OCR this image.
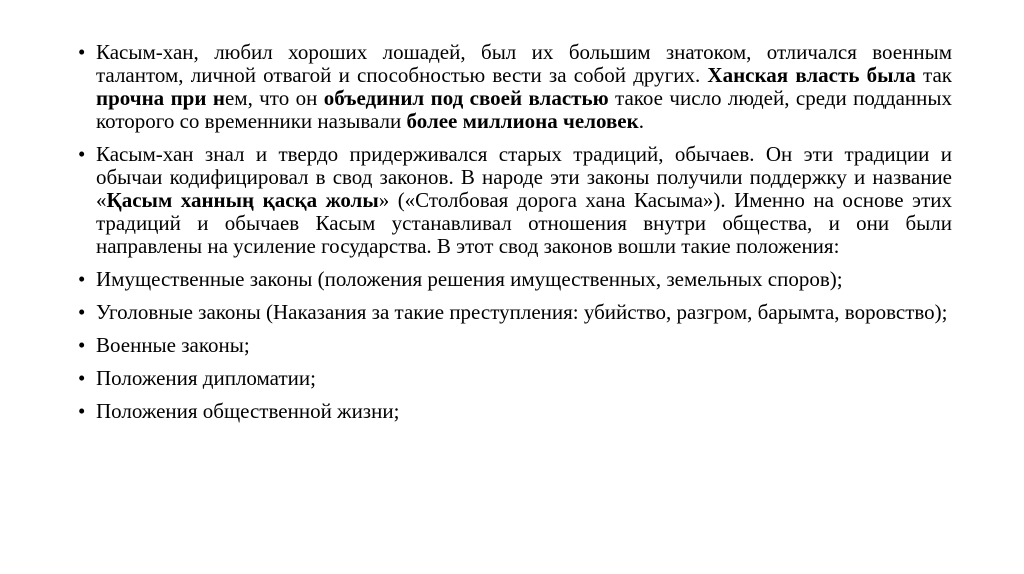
• Касым-хан, любил хороших лошадей, был их большим знатоком, отличался военным талантом, личной отвагой и способностью вести за собой других. Ханская власть была так прочна при нем, что он объединил под своей властью такое число людей, среди подданных которого со временники называли более миллиона человек.
• Касым-хан знал и твердо придерживался старых традиций, обычаев. Он эти традиции и обычаи кодифицировал в свод законов. В народе эти законы получили поддержку и название «Қасым ханның қасқа жолы» («Столбовая дорога хана Касыма»). Именно на основе этих традиций и обычаев Касым устанавливал отношения внутри общества, и они были направлены на усиление государства. В этот свод законов вошли такие положения:
• Имущественные законы (положения решения имущественных, земельных споров);
• Уголовные законы (Наказания за такие преступления: убийство, разгром, барымта, воровство);
• Военные законы;
• Положения дипломатии;
• Положения общественной жизни;
